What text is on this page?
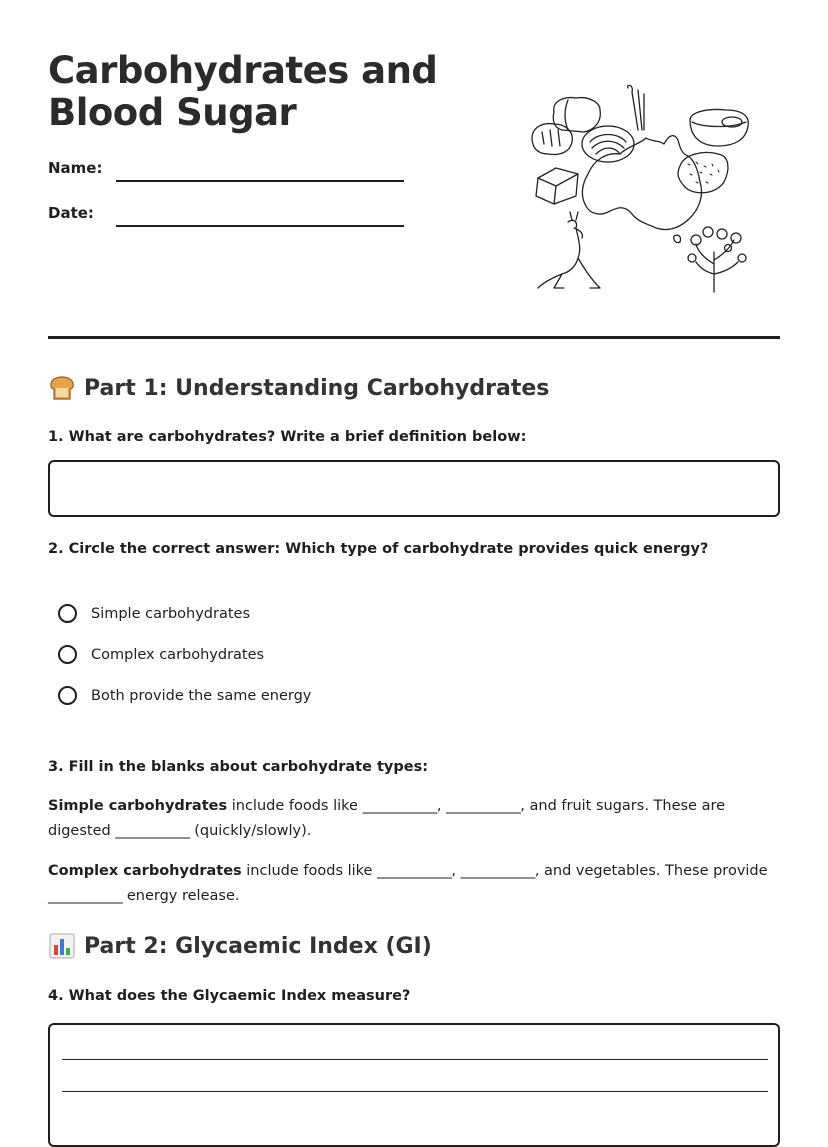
Carbohydrates and
Blood Sugar
Name:
Date:
Part 1: Understanding Carbohydrates

1. What are carbohydrates? Write a brief definition below:

2. Circle the correct answer: Which type of carbohydrate provides quick energy?

Simple carbohydrates
Complex carbohydrates
Both provide the same energy

3. Fill in the blanks about carbohydrate types:

Simple carbohydrates include foods like ___________, ___________, and fruit sugars. These are digested ___________ (quickly/slowly).

Complex carbohydrates include foods like ___________, ___________, and vegetables. These provide ___________ energy release.

Part 2: Glycaemic Index (GI)

4. What does the Glycaemic Index measure?
